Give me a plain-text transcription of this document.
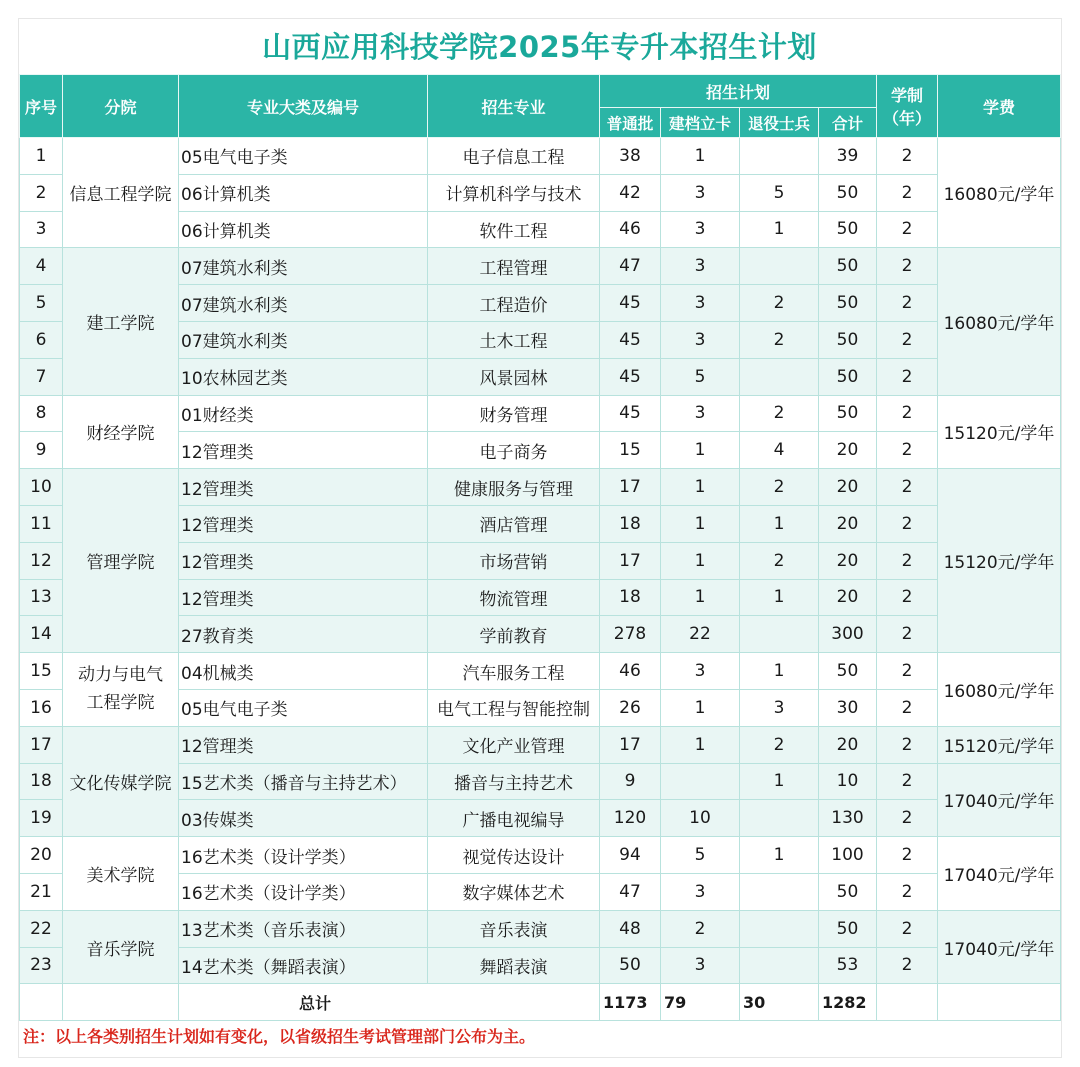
山西应用科技学院2025年专升本招生计划
序号	分院	专业大类及编号	招生专业	招生计划				学制
（年）	学费
				普通批	建档立卡	退役士兵	合计		
1	信息工程学院	05电气电子类	电子信息工程	38	1		39	2	16080元/学年
2		06计算机类	计算机科学与技术	42	3	5	50	2	
3		06计算机类	软件工程	46	3	1	50	2	
4	建工学院	07建筑水利类	工程管理	47	3		50	2	16080元/学年
5		07建筑水利类	工程造价	45	3	2	50	2	
6		07建筑水利类	土木工程	45	3	2	50	2	
7		10农林园艺类	风景园林	45	5		50	2	
8	财经学院	01财经类	财务管理	45	3	2	50	2	15120元/学年
9		12管理类	电子商务	15	1	4	20	2	
10	管理学院	12管理类	健康服务与管理	17	1	2	20	2	15120元/学年
11		12管理类	酒店管理	18	1	1	20	2	
12		12管理类	市场营销	17	1	2	20	2	
13		12管理类	物流管理	18	1	1	20	2	
14		27教育类	学前教育	278	22		300	2	
15	动力与电气
工程学院	04机械类	汽车服务工程	46	3	1	50	2	16080元/学年
16		05电气电子类	电气工程与智能控制	26	1	3	30	2	
17	文化传媒学院	12管理类	文化产业管理	17	1	2	20	2	15120元/学年
18		15艺术类（播音与主持艺术）	播音与主持艺术	9		1	10	2	17040元/学年
19		03传媒类	广播电视编导	120	10		130	2	
20	美术学院	16艺术类（设计学类）	视觉传达设计	94	5	1	100	2	17040元/学年
21		16艺术类（设计学类）	数字媒体艺术	47	3		50	2	
22	音乐学院	13艺术类（音乐表演）	音乐表演	48	2		50	2	17040元/学年
23		14艺术类（舞蹈表演）	舞蹈表演	50	3		53	2	
		总计		1173	79	30	1282		
注：以上各类别招生计划如有变化，以省级招生考试管理部门公布为主。
